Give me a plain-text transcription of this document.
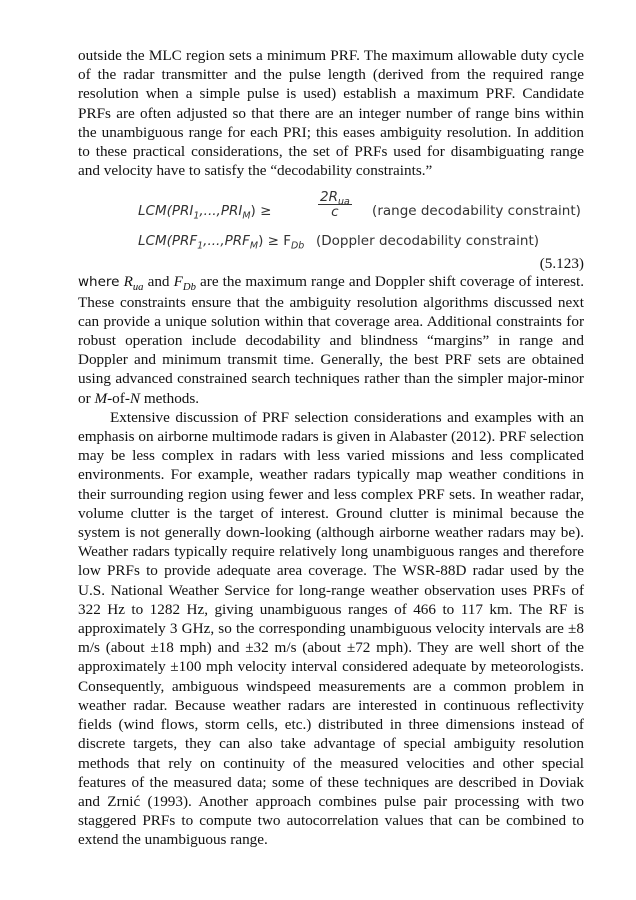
outside the MLC region sets a minimum PRF. The maximum allowable duty cycle of the radar transmitter and the pulse length (derived from the required range resolution when a simple pulse is used) establish a maximum PRF. Candidate PRFs are often adjusted so that there are an integer number of range bins within the unambiguous range for each PRI; this eases ambiguity resolution. In addition to these practical considerations, the set of PRFs used for disambiguating range and velocity have to satisfy the “decodability constraints.”

$LCM(PRI_1,...,PRI_M)$ ≥	$\frac{2R_{ua}}{c}$ (range decodability constraint)
$LCM(PRF_1,...,PRF_M) \ge F_{Db}$ (Doppler decodability constraint)
(5.123)

where $R_{ua}$ and $F_{Db}$ are the maximum range and Doppler shift coverage of interest. These constraints ensure that the ambiguity resolution algorithms discussed next can provide a unique solution within that coverage area. Additional constraints for robust operation include decodability and blindness “margins” in range and Doppler and minimum transmit time. Generally, the best PRF sets are obtained using advanced constrained search techniques rather than the simpler major-minor or M-of-N methods.

Extensive discussion of PRF selection considerations and examples with an emphasis on airborne multimode radars is given in Alabaster (2012). PRF selection may be less complex in radars with less varied missions and less complicated environments. For example, weather radars typically map weather conditions in their surrounding region using fewer and less complex PRF sets. In weather radar, volume clutter is the target of interest. Ground clutter is minimal because the system is not generally down-looking (although airborne weather radars may be). Weather radars typically require relatively long unambiguous ranges and therefore low PRFs to provide adequate area coverage. The WSR-88D radar used by the U.S. National Weather Service for long-range weather observation uses PRFs of 322 Hz to 1282 Hz, giving unambiguous ranges of 466 to 117 km. The RF is approximately 3 GHz, so the corresponding unambiguous velocity intervals are ±8 m/s (about ±18 mph) and ±32 m/s (about ±72 mph). They are well short of the approximately ±100 mph velocity interval considered adequate by meteorologists. Consequently, ambiguous windspeed measurements are a common problem in weather radar. Because weather radars are interested in continuous reflectivity fields (wind flows, storm cells, etc.) distributed in three dimensions instead of discrete targets, they can also take advantage of special ambiguity resolution methods that rely on continuity of the measured velocities and other special features of the measured data; some of these techniques are described in Doviak and Zrnić (1993). Another approach combines pulse pair processing with two staggered PRFs to compute two autocorrelation values that can be combined to extend the unambiguous range.
